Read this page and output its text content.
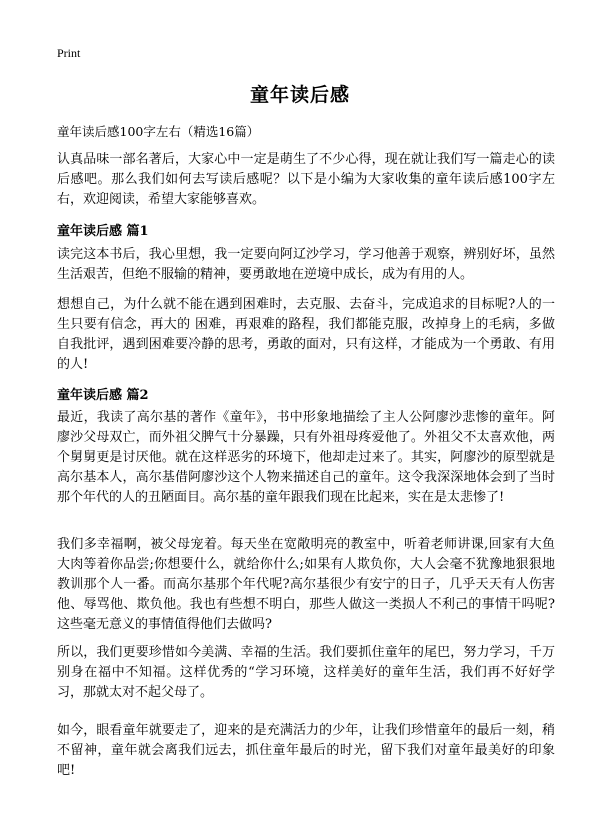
Print
童年读后感

童年读后感100字左右（精选16篇）

认真品味一部名著后，大家心中一定是萌生了不少心得，现在就让我们写一篇走心的读后感吧。那么我们如何去写读后感呢？以下是小编为大家收集的童年读后感100字左右，欢迎阅读，希望大家能够喜欢。

童年读后感 篇1

读完这本书后，我心里想，我一定要向阿辽沙学习，学习他善于观察，辨别好坏，虽然生活艰苦，但绝不服输的精神，要勇敢地在逆境中成长，成为有用的人。

想想自己，为什么就不能在遇到困难时，去克服、去奋斗，完成追求的目标呢?人的一生只要有信念，再大的 困难，再艰难的路程，我们都能克服，改掉身上的毛病，多做自我批评，遇到困难要冷静的思考，勇敢的面对，只有这样，才能成为一个勇敢、有用的人!

童年读后感 篇2

最近，我读了高尔基的著作《童年》，书中形象地描绘了主人公阿廖沙悲惨的童年。阿廖沙父母双亡，而外祖父脾气十分暴躁，只有外祖母疼爱他了。外祖父不太喜欢他，两个舅舅更是讨厌他。就在这样恶劣的环境下，他却走过来了。其实，阿廖沙的原型就是高尔基本人，高尔基借阿廖沙这个人物来描述自己的童年。这令我深深地体会到了当时那个年代的人的丑陋面目。高尔基的童年跟我们现在比起来，实在是太悲惨了!

我们多幸福啊，被父母宠着。每天坐在宽敞明亮的教室中，听着老师讲课,回家有大鱼大肉等着你品尝;你想要什么，就给你什么;如果有人欺负你，大人会毫不犹豫地狠狠地教训那个人一番。而高尔基那个年代呢?高尔基很少有安宁的日子，几乎天天有人伤害他、辱骂他、欺负他。我也有些想不明白，那些人做这一类损人不利己的事情干吗呢?这些毫无意义的事情值得他们去做吗?

所以，我们更要珍惜如今美满、幸福的生活。我们要抓住童年的尾巴，努力学习，千万别身在福中不知福。这样优秀的“学习环境，这样美好的童年生活，我们再不好好学习，那就太对不起父母了。

如今，眼看童年就要走了，迎来的是充满活力的少年，让我们珍惜童年的最后一刻，稍不留神，童年就会离我们远去，抓住童年最后的时光，留下我们对童年最美好的印象吧!
